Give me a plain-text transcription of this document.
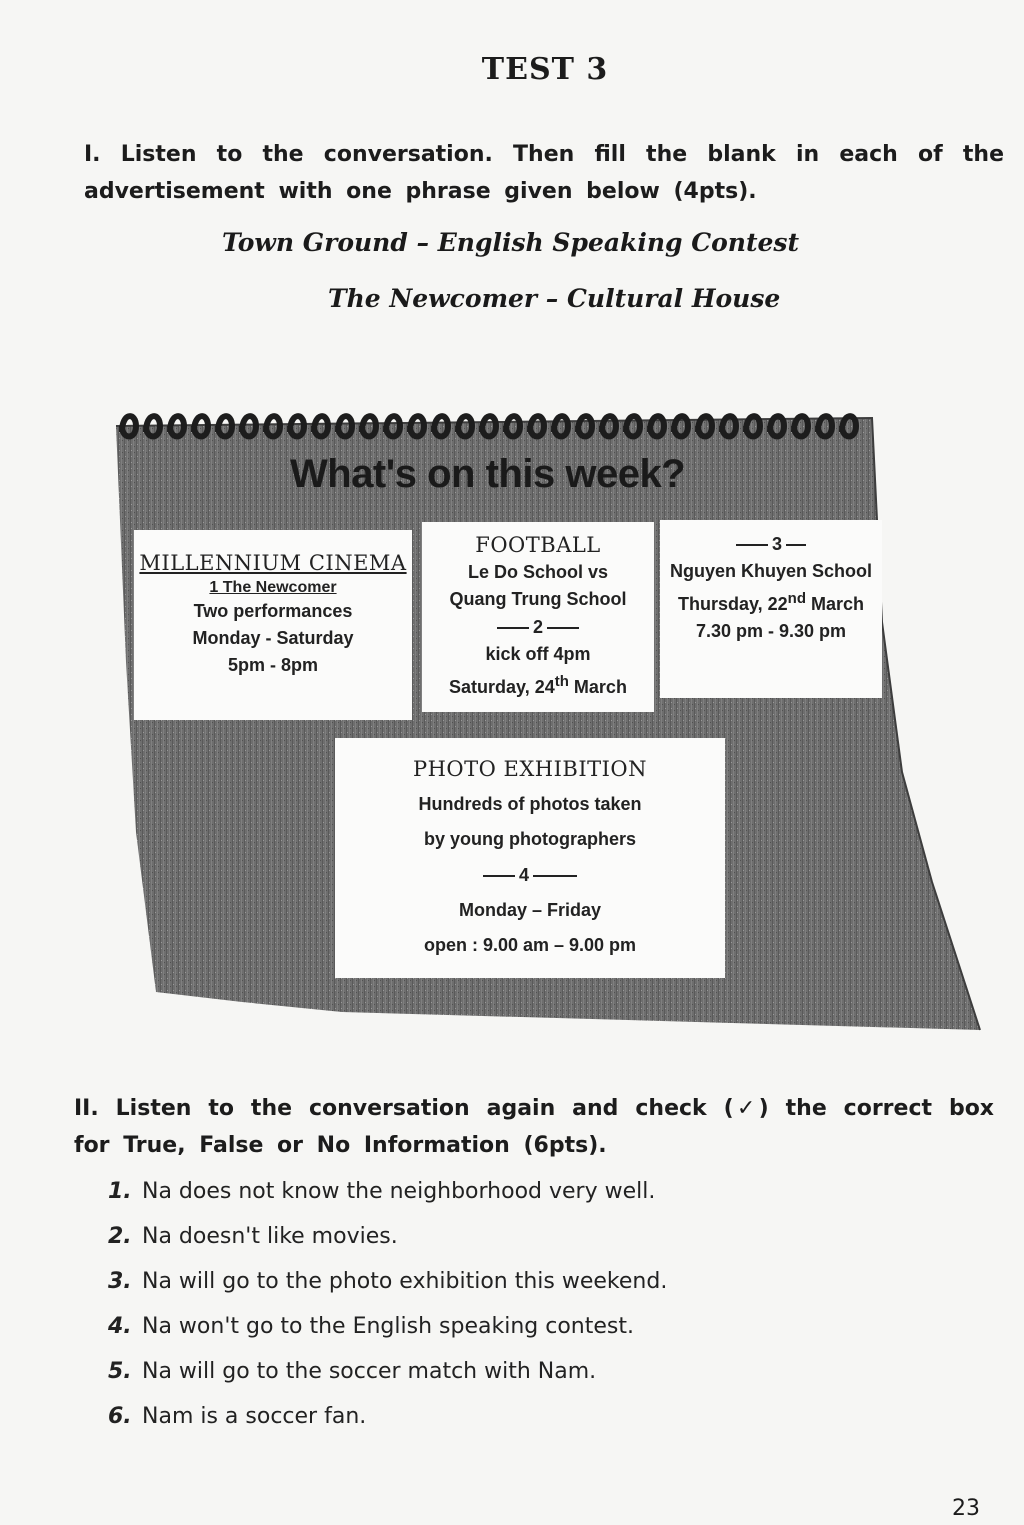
TEST 3
I. Listen to the conversation. Then fill the blank in each of the advertisement with one phrase given below (4pts).
Town Ground – English Speaking Contest
The Newcomer – Cultural House
What's on this week?
MILLENNIUM CINEMA
1 The Newcomer
Two performances
Monday - Saturday
5pm - 8pm
FOOTBALL
Le Do School vs
Quang Trung School
2
kick off 4pm
Saturday, 24th March
3
Nguyen Khuyen School
Thursday, 22nd March
7.30 pm - 9.30 pm
PHOTO EXHIBITION
Hundreds of photos taken
by young photographers
4
Monday – Friday
open : 9.00 am – 9.00 pm
II. Listen to the conversation again and check (✓) the correct box for True, False or No Information (6pts).
1. Na does not know the neighborhood very well.
2. Na doesn't like movies.
3. Na will go to the photo exhibition this weekend.
4. Na won't go to the English speaking contest.
5. Na will go to the soccer match with Nam.
6. Nam is a soccer fan.
23
